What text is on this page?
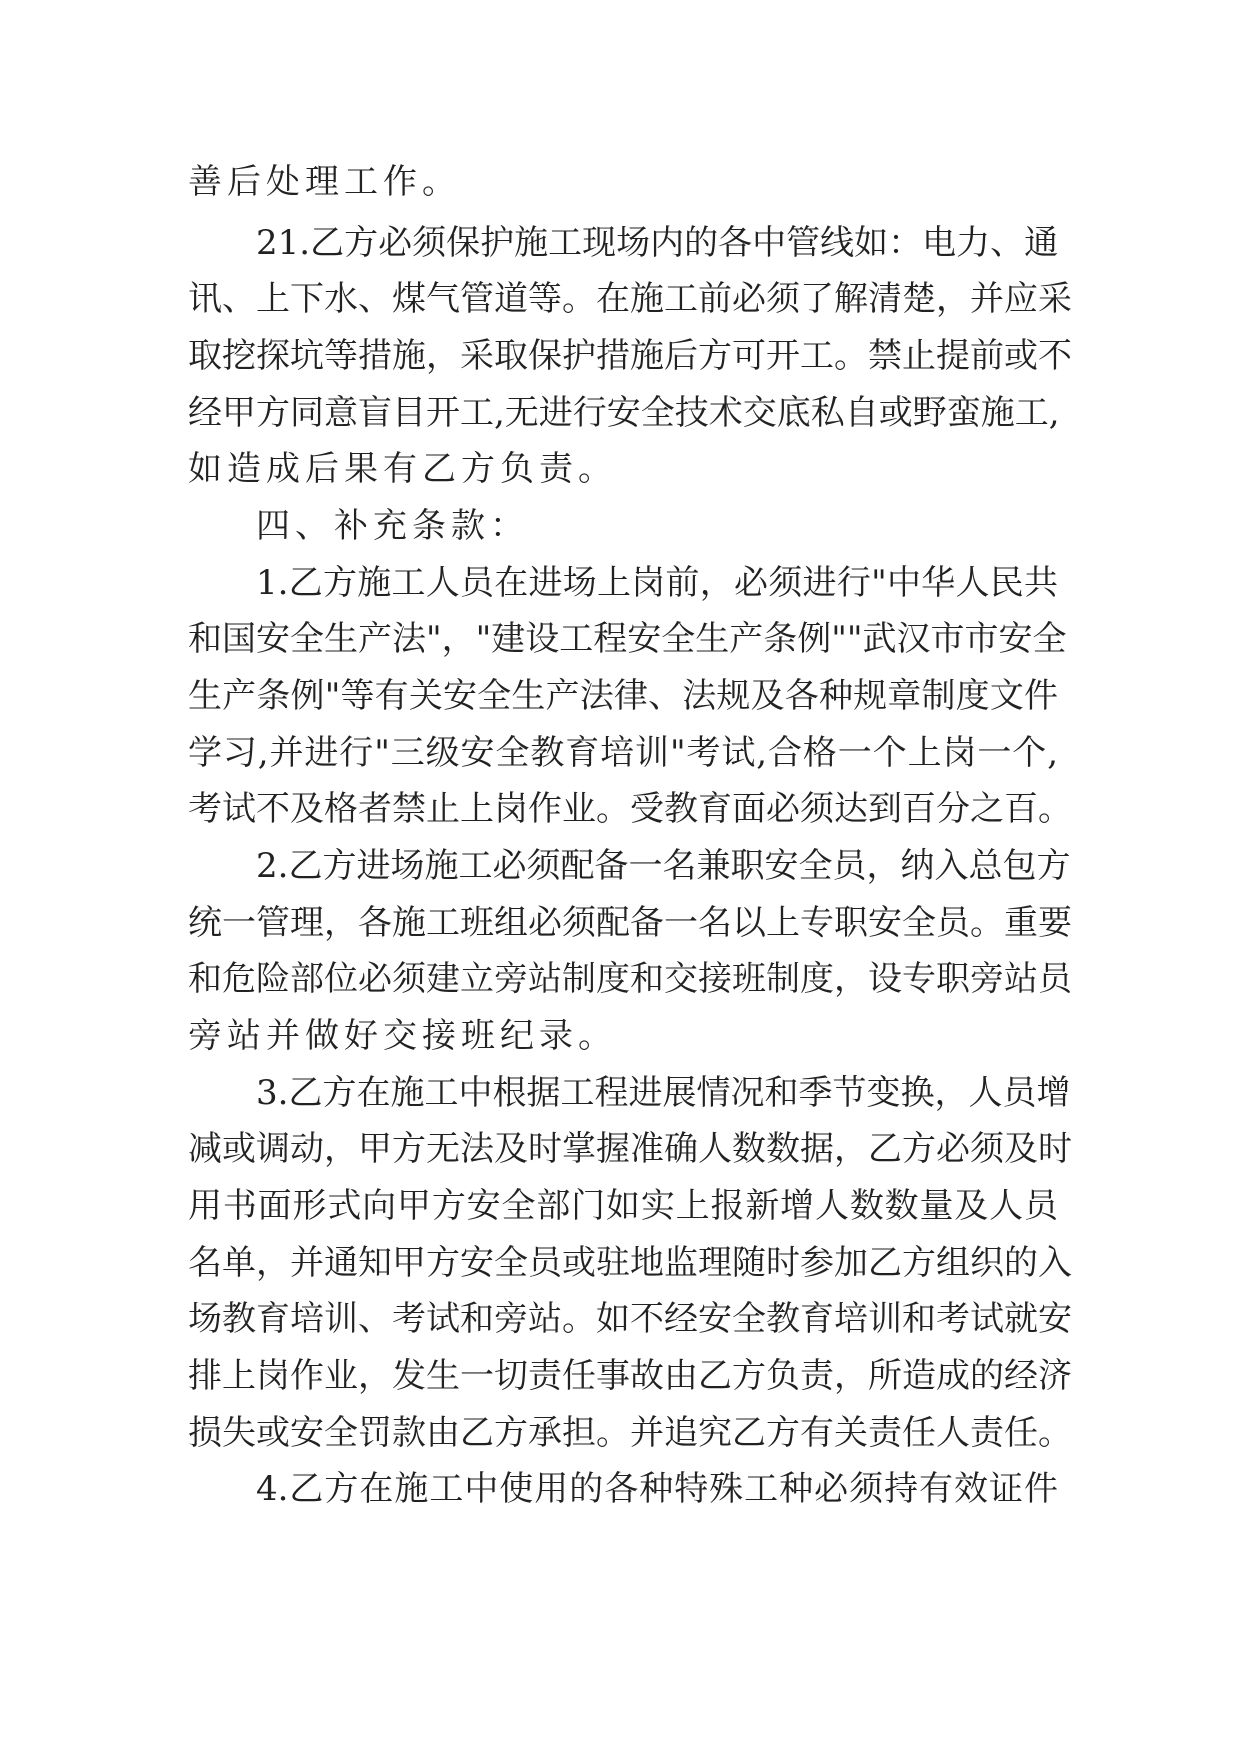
善后处理工作。
21.乙方必须保护施工现场内的各中管线如：电力、通
讯、上下水、煤气管道等。在施工前必须了解清楚，并应采
取挖探坑等措施，采取保护措施后方可开工。禁止提前或不
经甲方同意盲目开工,无进行安全技术交底私自或野蛮施工,
如造成后果有乙方负责。
四、补充条款：
1.乙方施工人员在进场上岗前，必须进行"中华人民共
和国安全生产法"，"建设工程安全生产条例""武汉市市安全
生产条例"等有关安全生产法律、法规及各种规章制度文件
学习,并进行"三级安全教育培训"考试,合格一个上岗一个,
考试不及格者禁止上岗作业。受教育面必须达到百分之百。
2.乙方进场施工必须配备一名兼职安全员，纳入总包方
统一管理，各施工班组必须配备一名以上专职安全员。重要
和危险部位必须建立旁站制度和交接班制度，设专职旁站员
旁站并做好交接班纪录。
3.乙方在施工中根据工程进展情况和季节变换，人员增
减或调动，甲方无法及时掌握准确人数数据，乙方必须及时
用书面形式向甲方安全部门如实上报新增人数数量及人员
名单，并通知甲方安全员或驻地监理随时参加乙方组织的入
场教育培训、考试和旁站。如不经安全教育培训和考试就安
排上岗作业，发生一切责任事故由乙方负责，所造成的经济
损失或安全罚款由乙方承担。并追究乙方有关责任人责任。
4.乙方在施工中使用的各种特殊工种必须持有效证件
